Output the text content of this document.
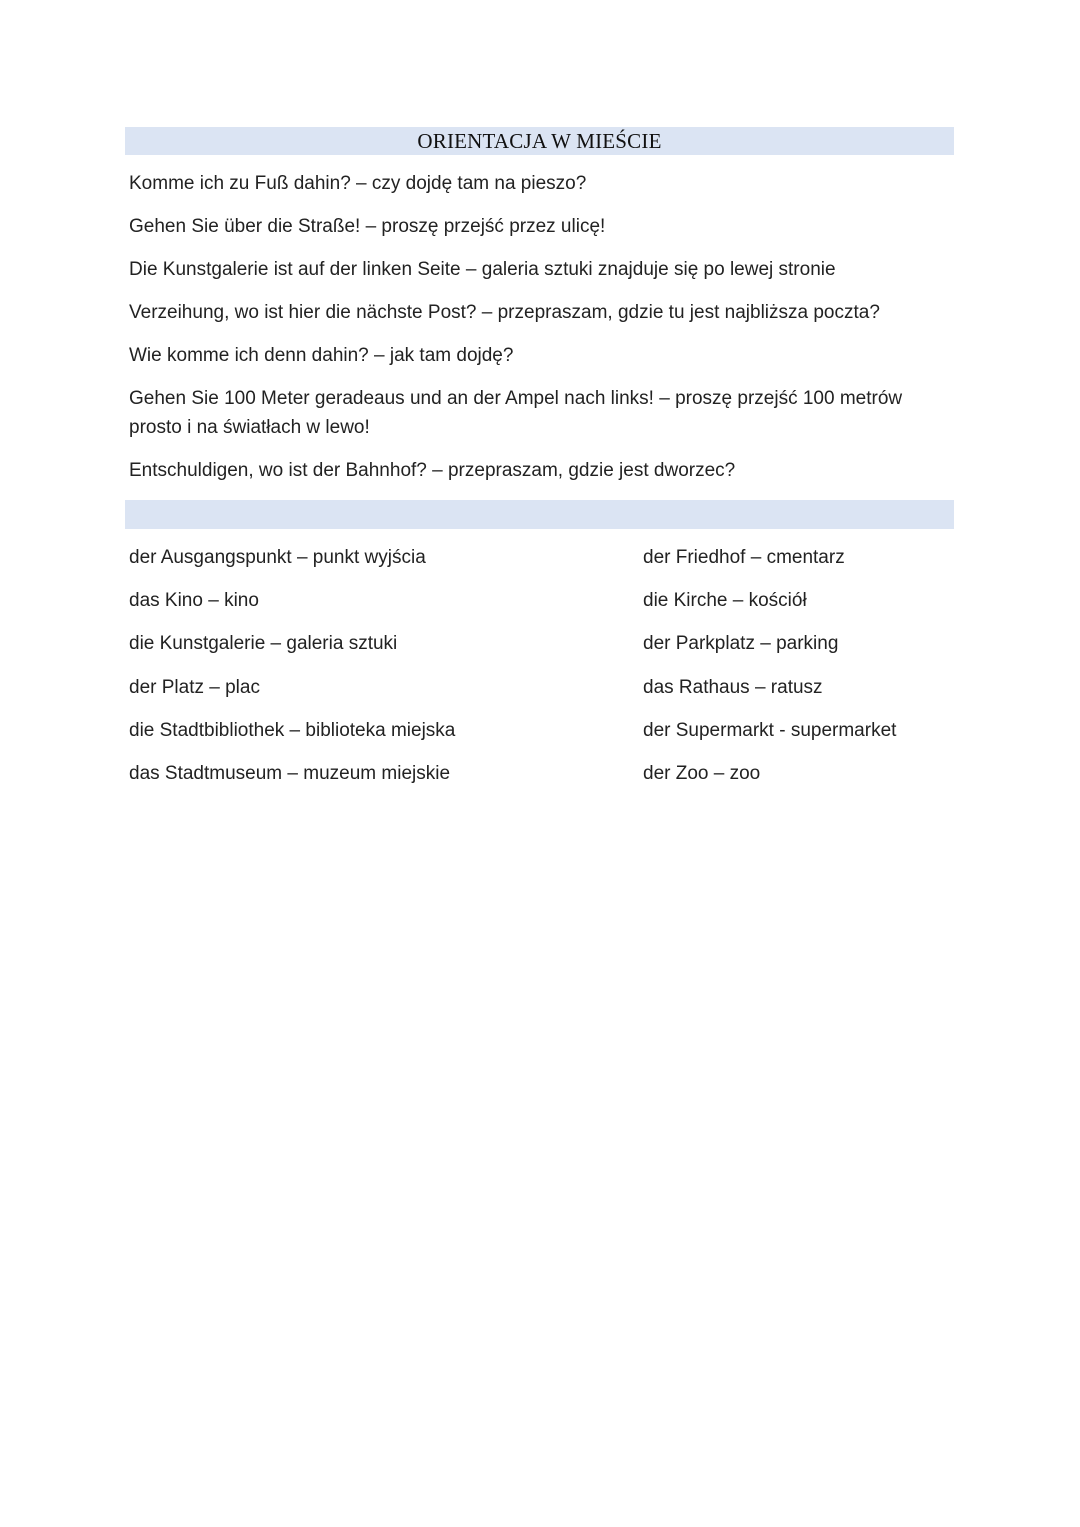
ORIENTACJA W MIEŚCIE

Komme ich zu Fuß dahin? – czy dojdę tam na pieszo?

Gehen Sie über die Straße! – proszę przejść przez ulicę!

Die Kunstgalerie ist auf der linken Seite – galeria sztuki znajduje się po lewej stronie

Verzeihung, wo ist hier die nächste Post? – przepraszam, gdzie tu jest najbliższa poczta?

Wie komme ich denn dahin? – jak tam dojdę?

Gehen Sie 100 Meter geradeaus und an der Ampel nach links! – proszę przejść 100 metrów prosto i na światłach w lewo!

Entschuldigen, wo ist der Bahnhof? – przepraszam, gdzie jest dworzec?

der Ausgangspunkt – punkt wyjścia
das Kino – kino
die Kunstgalerie – galeria sztuki
der Platz – plac
die Stadtbibliothek – biblioteka miejska
das Stadtmuseum – muzeum miejskie
der Friedhof – cmentarz
die Kirche – kościół
der Parkplatz – parking
das Rathaus – ratusz
der Supermarkt - supermarket
der Zoo – zoo
